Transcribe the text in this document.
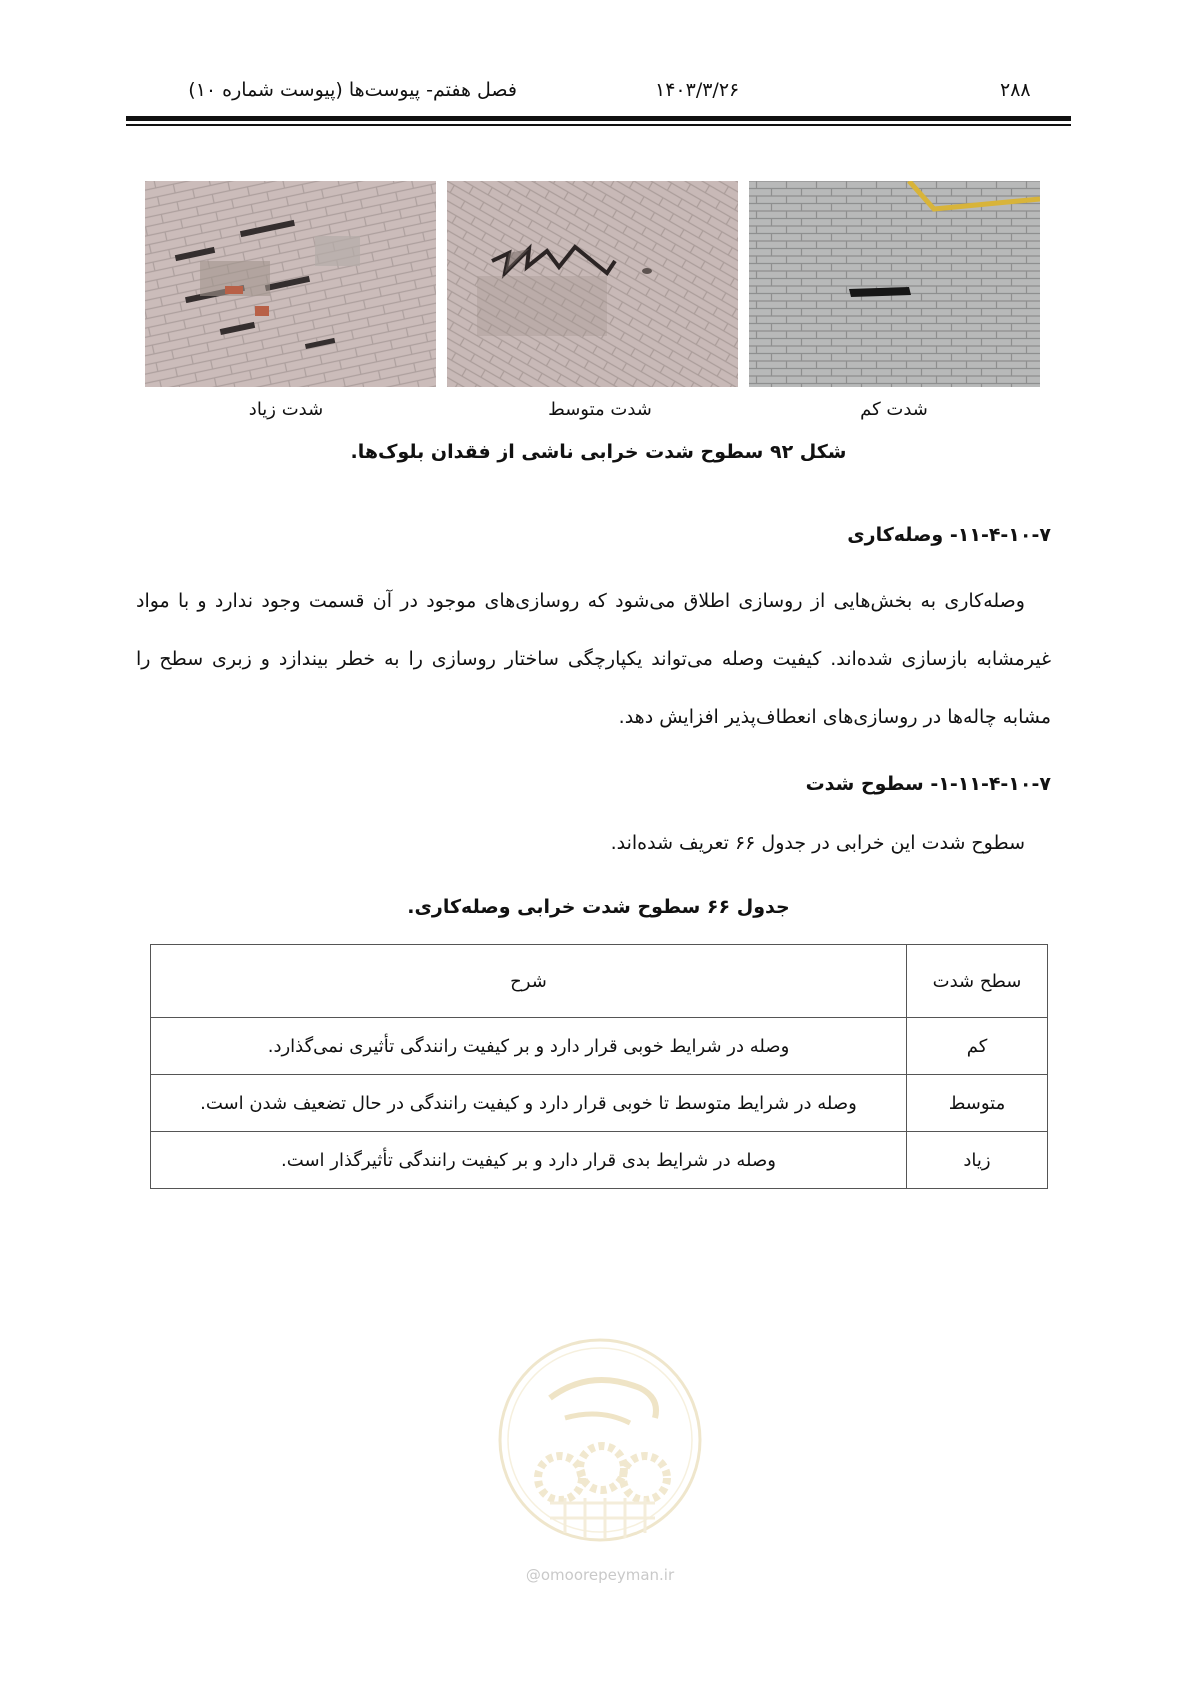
۲۸۸
۱۴۰۳/۳/۲۶
فصل هفتم- پیوست‌ها (پیوست شماره ۱۰)
شدت کم
شدت متوسط
شدت زیاد
شکل ۹۲ سطوح شدت خرابی ناشی از فقدان بلوک‌ها.
۱۱-۴-۱۰-۷- وصله‌کاری
وصله‌کاری به بخش‌هایی از روسازی اطلاق می‌شود که روسازی‌های موجود در آن قسمت وجود ندارد و با مواد غیرمشابه بازسازی شده‌اند. کیفیت وصله می‌تواند یکپارچگی ساختار روسازی را به خطر بیندازد و زبری سطح را مشابه چاله‌ها در روسازی‌های انعطاف‌پذیر افزایش دهد.
۱-۱۱-۴-۱۰-۷- سطوح شدت
سطوح شدت این خرابی در جدول ۶۶ تعریف شده‌اند.
جدول ۶۶ سطوح شدت خرابی وصله‌کاری.
سطح شدت	شرح
کم	وصله در شرایط خوبی قرار دارد و بر کیفیت رانندگی تأثیری نمی‌گذارد.
متوسط	وصله در شرایط متوسط تا خوبی قرار دارد و کیفیت رانندگی در حال تضعیف شدن است.
زیاد	وصله در شرایط بدی قرار دارد و بر کیفیت رانندگی تأثیرگذار است.
@omoorepeyman.ir
